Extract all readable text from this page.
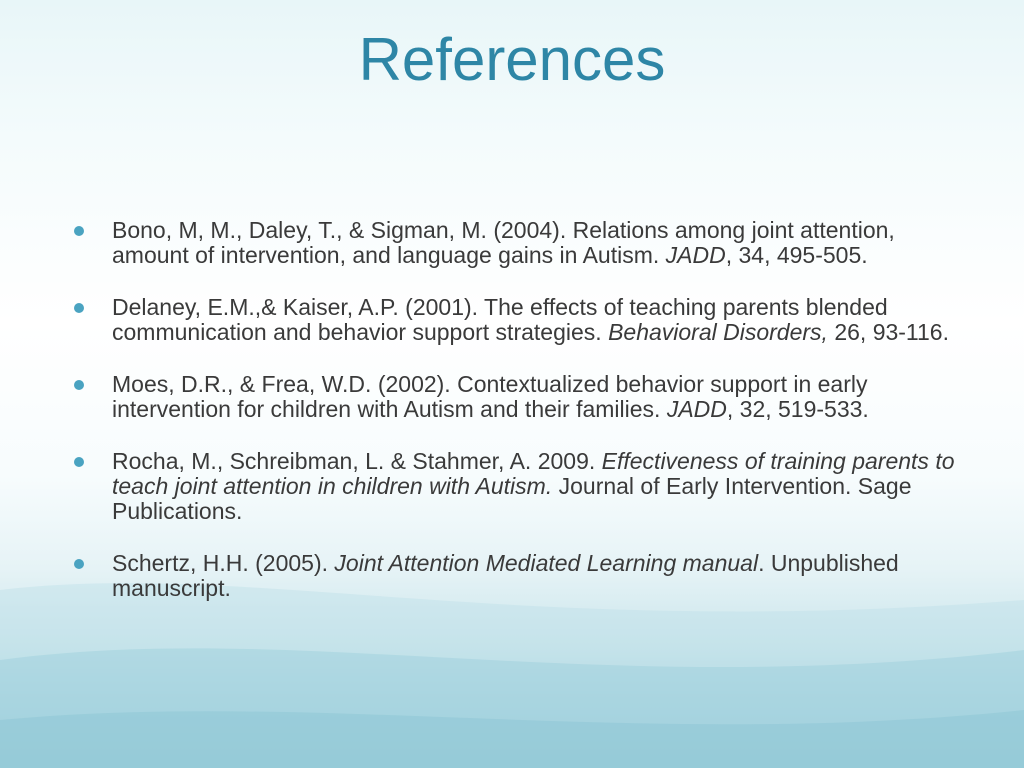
References
Bono, M, M., Daley, T., & Sigman, M. (2004). Relations among joint attention, amount of intervention, and language gains in Autism. JADD, 34, 495-505.
Delaney, E.M.,& Kaiser, A.P. (2001). The effects of teaching parents blended communication and behavior support strategies. Behavioral Disorders, 26, 93-116.
Moes, D.R., & Frea, W.D. (2002). Contextualized behavior support in early intervention for children with Autism and their families. JADD, 32, 519-533.
Rocha, M., Schreibman, L. & Stahmer, A. 2009. Effectiveness of training parents to teach joint attention in children with Autism. Journal of Early Intervention. Sage Publications.
Schertz, H.H. (2005). Joint Attention Mediated Learning manual. Unpublished manuscript.
